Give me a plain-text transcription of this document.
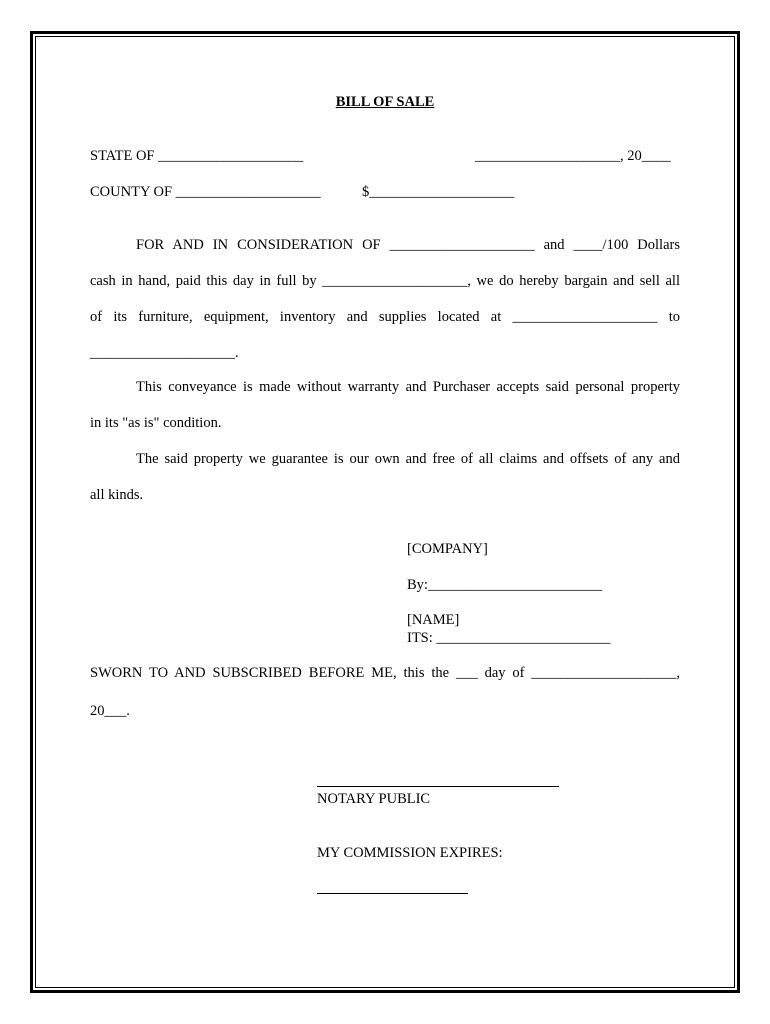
BILL OF SALE
STATE OF ____________________	____________________, 20____
COUNTY OF ____________________	$____________________
FOR AND IN CONSIDERATION OF ____________________ and ____/100 Dollars
cash in hand, paid this day in full by ____________________, we do hereby bargain and sell all
of its furniture, equipment, inventory and supplies located at ____________________ to
____________________.
This conveyance is made without warranty and Purchaser accepts said personal property
in its "as is" condition.
The said property we guarantee is our own and free of all claims and offsets of any and
all kinds.
[COMPANY]
By:________________________
[NAME]
ITS: ________________________
SWORN TO AND SUBSCRIBED BEFORE ME, this the ___ day of ____________________,
20___.
NOTARY PUBLIC
MY COMMISSION EXPIRES:
